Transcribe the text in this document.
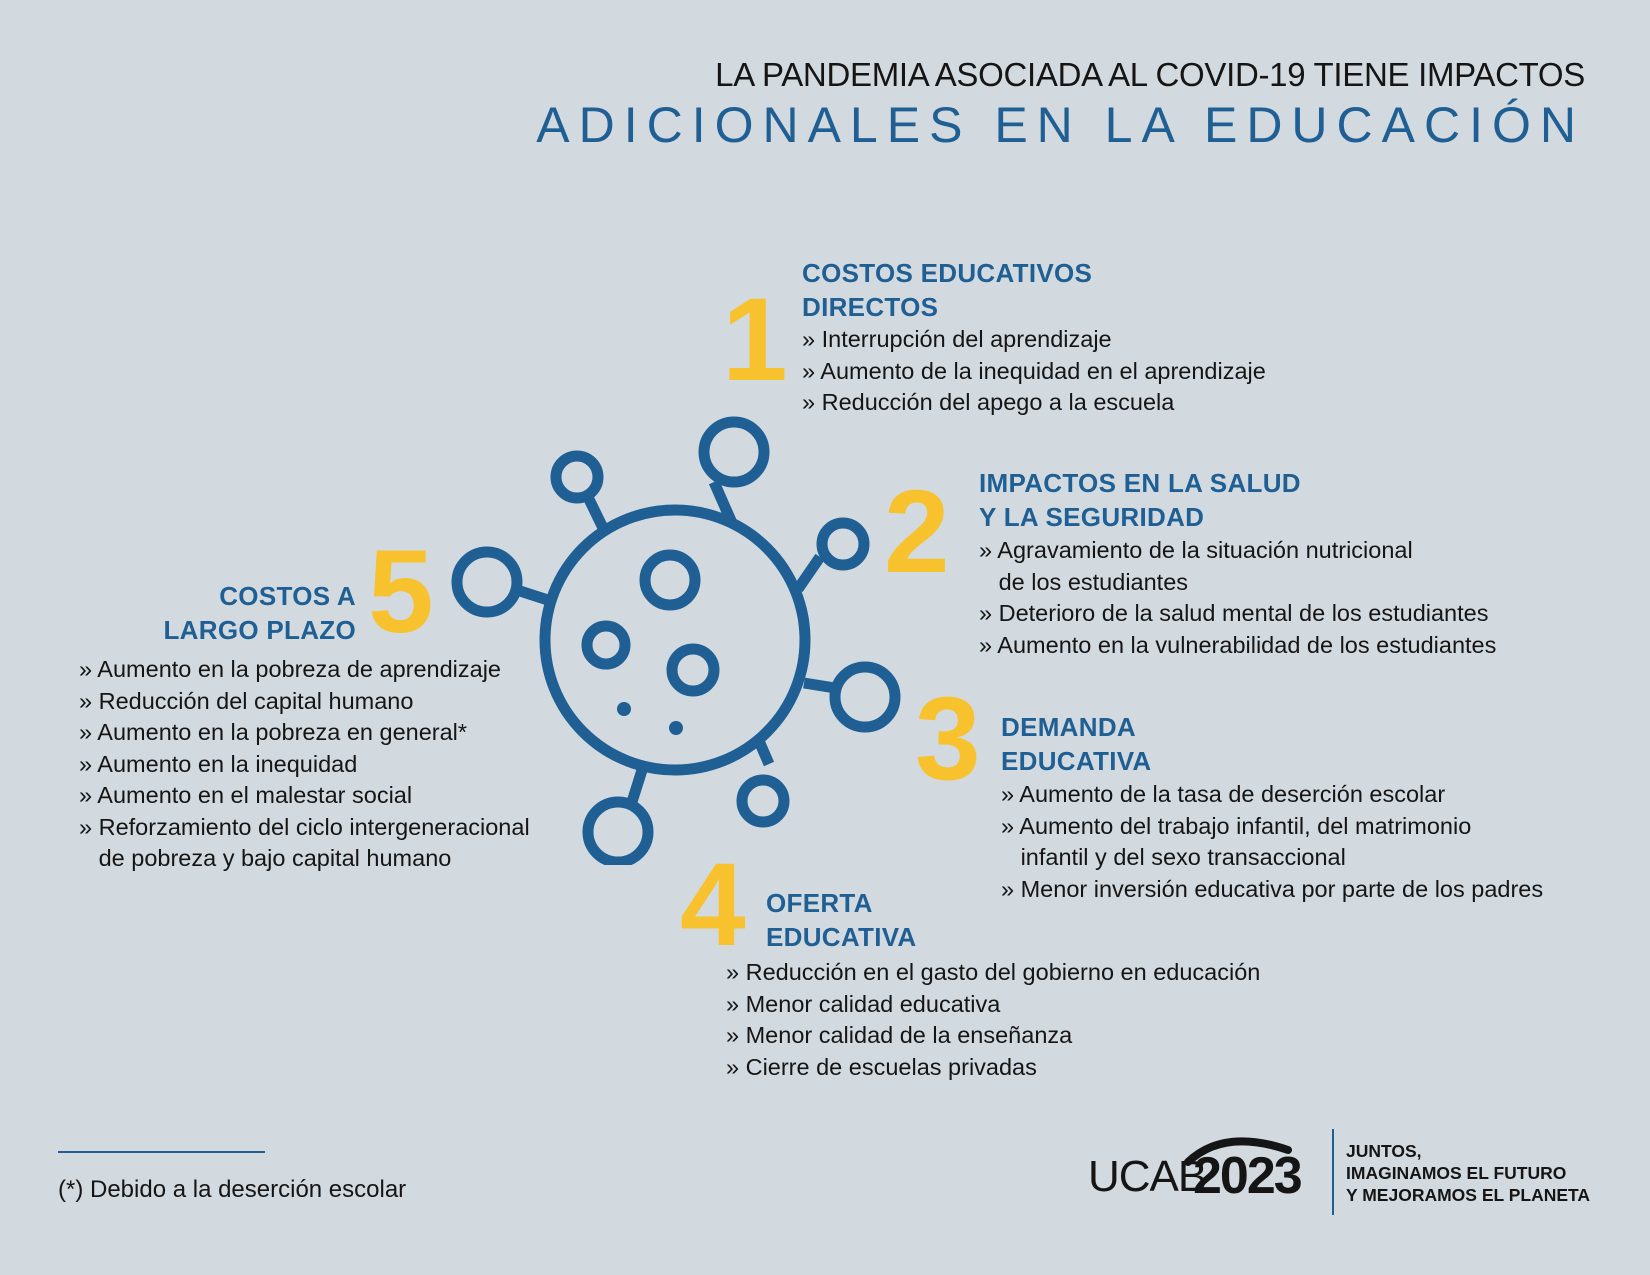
LA PANDEMIA ASOCIADA AL COVID-19 TIENE IMPACTOS
ADICIONALES EN LA EDUCACIÓN
1
COSTOS EDUCATIVOS
DIRECTOS
» Interrupción del aprendizaje
» Aumento de la inequidad en el aprendizaje
» Reducción del apego a la escuela
2 IMPACTOS EN LA SALUD
Y LA SEGURIDAD
» Agravamiento de la situación nutricional
de los estudiantes
» Deterioro de la salud mental de los estudiantes
» Aumento en la vulnerabilidad de los estudiantes
3 DEMANDA
EDUCATIVA
» Aumento de la tasa de deserción escolar
» Aumento del trabajo infantil, del matrimonio
infantil y del sexo transaccional
» Menor inversión educativa por parte de los padres
4 OFERTA
EDUCATIVA
» Reducción en el gasto del gobierno en educación
» Menor calidad educativa
» Menor calidad de la enseñanza
» Cierre de escuelas privadas
5
COSTOS A
LARGO PLAZO
» Aumento en la pobreza de aprendizaje
» Reducción del capital humano
» Aumento en la pobreza en general*
» Aumento en la inequidad
» Aumento en el malestar social
» Reforzamiento del ciclo intergeneracional
de pobreza y bajo capital humano
(*) Debido a la deserción escolar	UCAB
2023	JUNTOS,
IMAGINAMOS EL FUTURO
Y MEJORAMOS EL PLANETA
